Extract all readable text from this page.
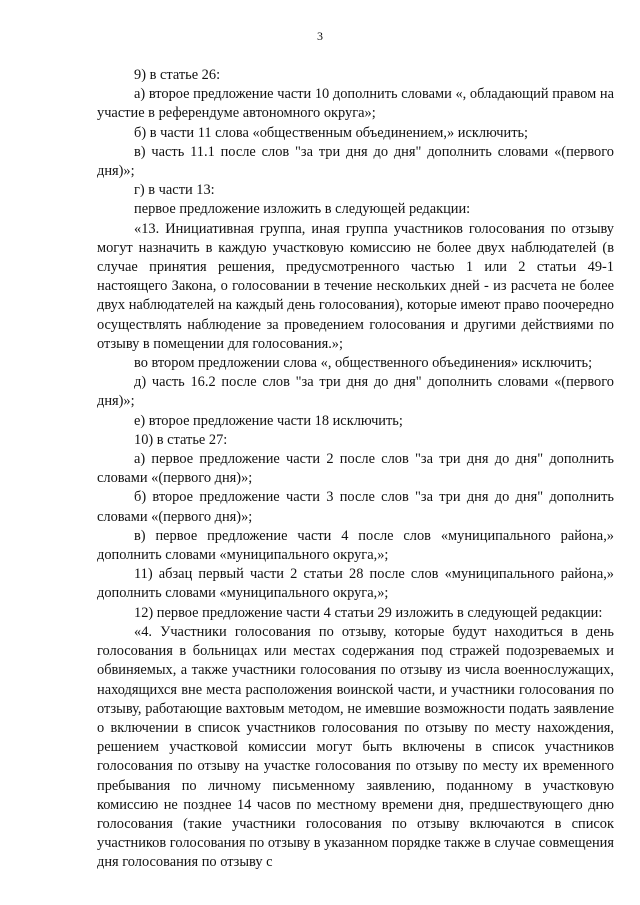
3

9) в статье 26:

а) второе предложение части 10 дополнить словами «, обладающий правом на участие в референдуме автономного округа»;

б) в части 11 слова «общественным объединением,» исключить;

в) часть 11.1 после слов "за три дня до дня" дополнить словами «(первого дня)»;

г) в части 13:

первое предложение изложить в следующей редакции:

«13. Инициативная группа, иная группа участников голосования по отзыву могут назначить в каждую участковую комиссию не более двух наблюдателей (в случае принятия решения, предусмотренного частью 1 или 2 статьи 49-1 настоящего Закона, о голосовании в течение нескольких дней - из расчета не более двух наблюдателей на каждый день голосования), которые имеют право поочередно осуществлять наблюдение за проведением голосования и другими действиями по отзыву в помещении для голосования.»;

во втором предложении слова «, общественного объединения» исключить;

д) часть 16.2 после слов "за три дня до дня" дополнить словами «(первого дня)»;

е) второе предложение части 18 исключить;

10) в статье 27:

а) первое предложение части 2 после слов "за три дня до дня" дополнить словами «(первого дня)»;

б) второе предложение части 3 после слов "за три дня до дня" дополнить словами «(первого дня)»;

в) первое предложение части 4 после слов «муниципального района,» дополнить словами «муниципального округа,»;

11) абзац первый части 2 статьи 28 после слов «муниципального района,» дополнить словами «муниципального округа,»;

12) первое предложение части 4 статьи 29 изложить в следующей редакции:

«4. Участники голосования по отзыву, которые будут находиться в день голосования в больницах или местах содержания под стражей подозреваемых и обвиняемых, а также участники голосования по отзыву из числа военнослужащих, находящихся вне места расположения воинской части, и участники голосования по отзыву, работающие вахтовым методом, не имевшие возможности подать заявление о включении в список участников голосования по отзыву по месту нахождения, решением участковой комиссии могут быть включены в список участников голосования по отзыву на участке голосования по отзыву по месту их временного пребывания по личному письменному заявлению, поданному в участковую комиссию не позднее 14 часов по местному времени дня, предшествующего дню голосования (такие участники голосования по отзыву включаются в список участников голосования по отзыву в указанном порядке также в случае совмещения дня голосования по отзыву с
